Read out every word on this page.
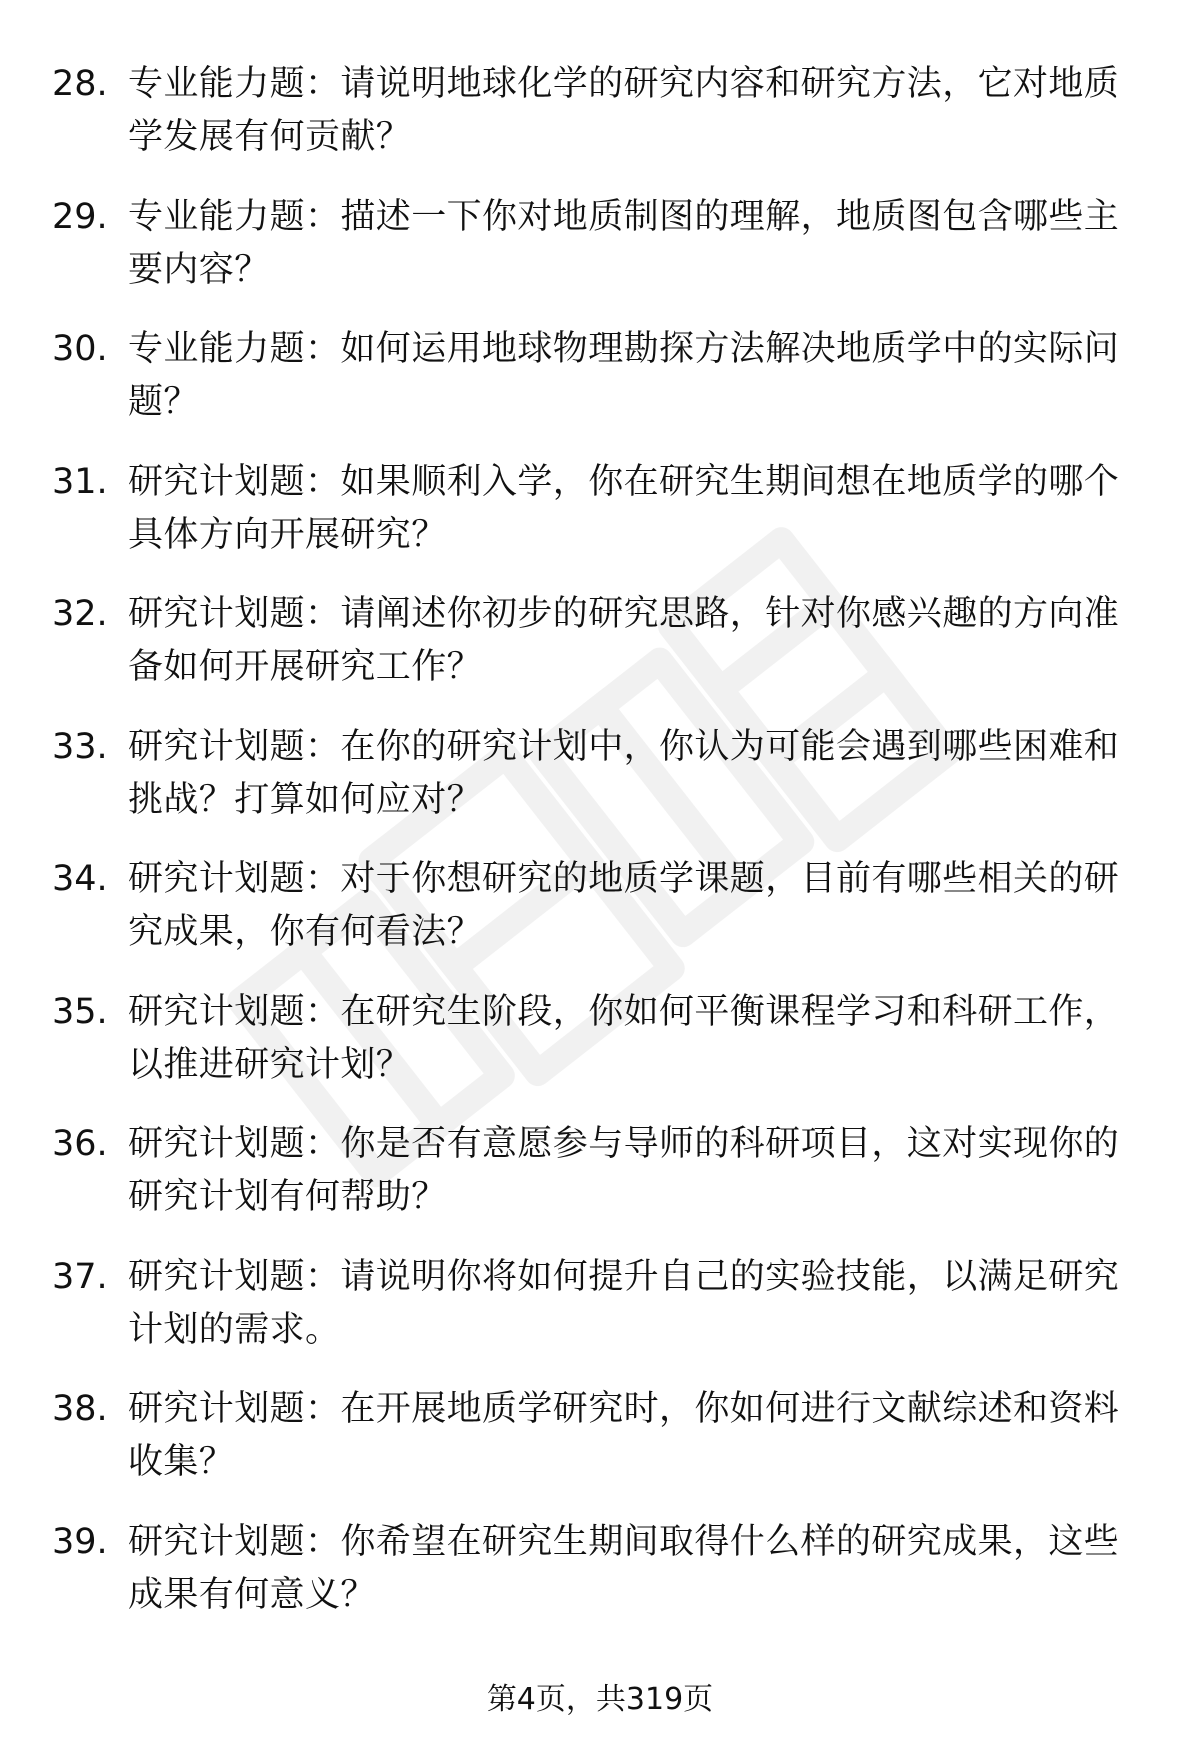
28. 专业能力题：请说明地球化学的研究内容和研究方法，它对地质学发展有何贡献？
29. 专业能力题：描述一下你对地质制图的理解，地质图包含哪些主要内容？
30. 专业能力题：如何运用地球物理勘探方法解决地质学中的实际问题？
31. 研究计划题：如果顺利入学，你在研究生期间想在地质学的哪个具体方向开展研究？
32. 研究计划题：请阐述你初步的研究思路，针对你感兴趣的方向准备如何开展研究工作？
33. 研究计划题：在你的研究计划中，你认为可能会遇到哪些困难和挑战？打算如何应对？
34. 研究计划题：对于你想研究的地质学课题，目前有哪些相关的研究成果，你有何看法？
35. 研究计划题：在研究生阶段，你如何平衡课程学习和科研工作，以推进研究计划？
36. 研究计划题：你是否有意愿参与导师的科研项目，这对实现你的研究计划有何帮助？
37. 研究计划题：请说明你将如何提升自己的实验技能，以满足研究计划的需求。
38. 研究计划题：在开展地质学研究时，你如何进行文献综述和资料收集？
39. 研究计划题：你希望在研究生期间取得什么样的研究成果，这些成果有何意义？
第4页，共319页
